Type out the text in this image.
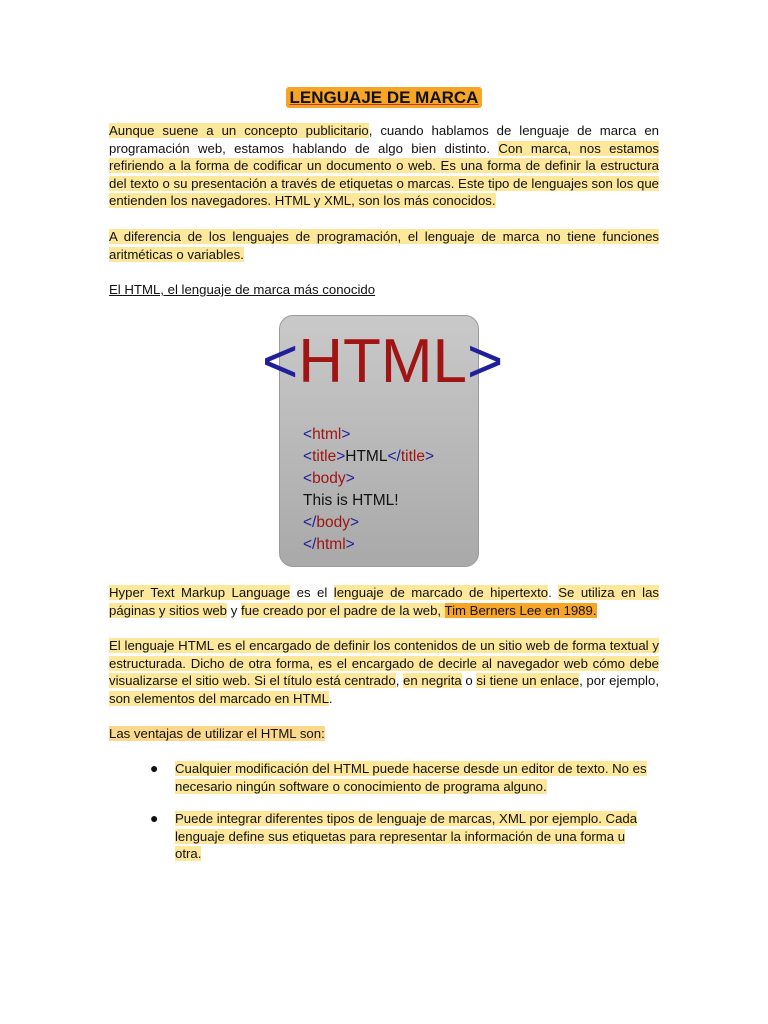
LENGUAJE DE MARCA
Aunque suene a un concepto publicitario, cuando hablamos de lenguaje de marca en programación web, estamos hablando de algo bien distinto. Con marca, nos estamos refiriendo a la forma de codificar un documento o web. Es una forma de definir la estructura del texto o su presentación a través de etiquetas o marcas. Este tipo de lenguajes son los que entienden los navegadores. HTML y XML, son los más conocidos.
A diferencia de los lenguajes de programación, el lenguaje de marca no tiene funciones aritméticas o variables.
El HTML, el lenguaje de marca más conocido
<HTML>
<html>
<title>HTML</title>
<body>
This is HTML!
</body>
</html>
Hyper Text Markup Language es el lenguaje de marcado de hipertexto. Se utiliza en las páginas y sitios web y fue creado por el padre de la web, Tim Berners Lee en 1989.
El lenguaje HTML es el encargado de definir los contenidos de un sitio web de forma textual y estructurada. Dicho de otra forma, es el encargado de decirle al navegador web cómo debe visualizarse el sitio web. Si el título está centrado, en negrita o si tiene un enlace, por ejemplo, son elementos del marcado en HTML.
Las ventajas de utilizar el HTML son:
● Cualquier modificación del HTML puede hacerse desde un editor de texto. No es necesario ningún software o conocimiento de programa alguno.
● Puede integrar diferentes tipos de lenguaje de marcas, XML por ejemplo. Cada lenguaje define sus etiquetas para representar la información de una forma u otra.
